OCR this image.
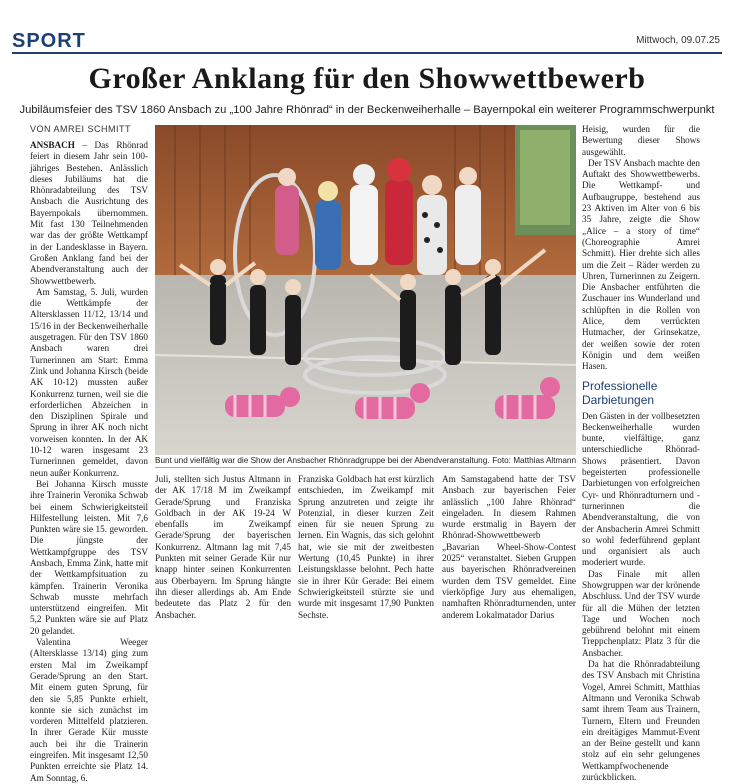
SPORT	Mittwoch, 09.07.25
Großer Anklang für den Showwettbewerb
Jubiläumsfeier des TSV 1860 Ansbach zu „100 Jahre Rhönrad“ in der Beckenweiherhalle – Bayernpokal ein weiterer Programmschwerpunkt
VON AMREI SCHMITT

ANSBACH – Das Rhönrad feiert in diesem Jahr sein 100-jähriges Bestehen. Anlässlich dieses Jubiläums hat die Rhönradabteilung des TSV Ansbach die Ausrichtung des Bayernpokals übernommen. Mit fast 130 Teilnehmenden war das der größte Wettkampf in der Landesklasse in Bayern. Großen Anklang fand bei der Abendveranstaltung auch der Showwettbewerb.

Am Samstag, 5. Juli, wurden die Wettkämpfe der Altersklassen 11/12, 13/14 und 15/16 in der Beckenweiherhalle ausgetragen. Für den TSV 1860 Ansbach waren drei Turnerinnen am Start: Emma Zink und Johanna Kirsch (beide AK 10-12) mussten außer Konkurrenz turnen, weil sie die erforderlichen Abzeichen in den Disziplinen Spirale und Sprung in ihrer AK noch nicht vorweisen konnten. In der AK 10-12 waren insgesamt 23 Turnerinnen gemeldet, davon neun außer Konkurrenz.

Bei Johanna Kirsch musste ihre Trainerin Veronika Schwab bei einem Schwierigkeitsteil Hilfestellung leisten. Mit 7,6 Punkten wäre sie 15. geworden. Die jüngste der Wettkampfgruppe des TSV Ansbach, Emma Zink, hatte mit der Wettkampfsituation zu kämpfen. Trainerin Veronika Schwab musste mehrfach unterstützend eingreifen. Mit 5,2 Punkten wäre sie auf Platz 20 gelandet.

Valentina Weeger (Altersklasse 13/14) ging zum ersten Mal im Zweikampf Gerade/Sprung an den Start. Mit einem guten Sprung, für den sie 5,85 Punkte erhielt, konnte sie sich zunächst im vorderen Mittelfeld platzieren. In ihrer Gerade Kür musste auch bei ihr die Trainerin eingreifen. Mit insgesamt 12,50 Punkten erreichte sie Platz 14. Am Sonntag, 6.

Bunt und vielfältig war die Show der Ansbacher Rhönradgruppe bei der Abendveranstaltung. Foto: Matthias Altmann

Juli, stellten sich Justus Altmann in der AK 17/18 M im Zweikampf Gerade/Sprung und Franziska Goldbach in der AK 19-24 W ebenfalls im Zweikampf Gerade/Sprung der bayerischen Konkurrenz. Altmann lag mit 7,45 Punkten mit seiner Gerade Kür nur knapp hinter seinen Konkurrenten aus Oberbayern. Im Sprung hängte ihn dieser allerdings ab. Am Ende bedeutete das Platz 2 für den Ansbacher.

Franziska Goldbach hat erst kürzlich entschieden, im Zweikampf mit Sprung anzutreten und zeigte ihr Potenzial, in dieser kurzen Zeit einen für sie neuen Sprung zu lernen. Ein Wagnis, das sich gelohnt hat, wie sie mit der zweitbesten Wertung (10,45 Punkte) in ihrer Leistungsklasse belohnt. Pech hatte sie in ihrer Kür Gerade: Bei einem Schwierigkeitsteil stürzte sie und wurde mit insgesamt 17,90 Punkten Sechste.

Am Samstagabend hatte der TSV Ansbach zur bayerischen Feier anlässlich „100 Jahre Rhönrad“ eingeladen. In diesem Rahmen wurde erstmalig in Bayern der Rhönrad-Showwettbewerb „Bavarian Wheel-Show-Contest 2025“ veranstaltet. Sieben Gruppen aus bayerischen Rhönradvereinen wurden dem TSV gemeldet. Eine vierköpfige Jury aus ehemaligen, namhaften Rhönradturnenden, unter anderem Lokalmatador Darius

Heisig, wurden für die Bewertung dieser Shows ausgewählt.

Der TSV Ansbach machte den Auftakt des Showwettbewerbs. Die Wettkampf- und Aufbaugruppe, bestehend aus 23 Aktiven im Alter von 6 bis 35 Jahre, zeigte die Show „Alice – a story of time“ (Choreographie Amrei Schmitt). Hier drehte sich alles um die Zeit – Räder werden zu Uhren, Turnerinnen zu Zeigern. Die Ansbacher entführten die Zuschauer ins Wunderland und schlüpften in die Rollen von Alice, dem verrückten Hutmacher, der Grinsekatze, der weißen sowie der roten Königin und dem weißen Hasen.

Professionelle Darbietungen

Den Gästen in der vollbesetzten Beckenweiherhalle wurden bunte, vielfältige, ganz unterschiedliche Rhönrad-Shows präsentiert. Davon begeisterten professionelle Darbietungen von erfolgreichen Cyr- und Rhönradturnern und -turnerinnen die Abendveranstaltung, die von der Ansbacherin Amrei Schmitt so wohl federführend geplant und organisiert als auch moderiert wurde.

Das Finale mit allen Showgruppen war der krönende Abschluss. Und der TSV wurde für all die Mühen der letzten Tage und Wochen noch gebührend belohnt mit einem Treppchenplatz: Platz 3 für die Ansbacher.

Da hat die Rhönradabteilung des TSV Ansbach mit Christina Vogel, Amrei Schmitt, Matthias Altmann und Veronika Schwab samt ihrem Team aus Trainern, Turnern, Eltern und Freunden ein dreitägiges Mammut-Event an der Beine gestellt und kann stolz auf ein sehr gelungenes Wettkampfwochenende zurückblicken.
